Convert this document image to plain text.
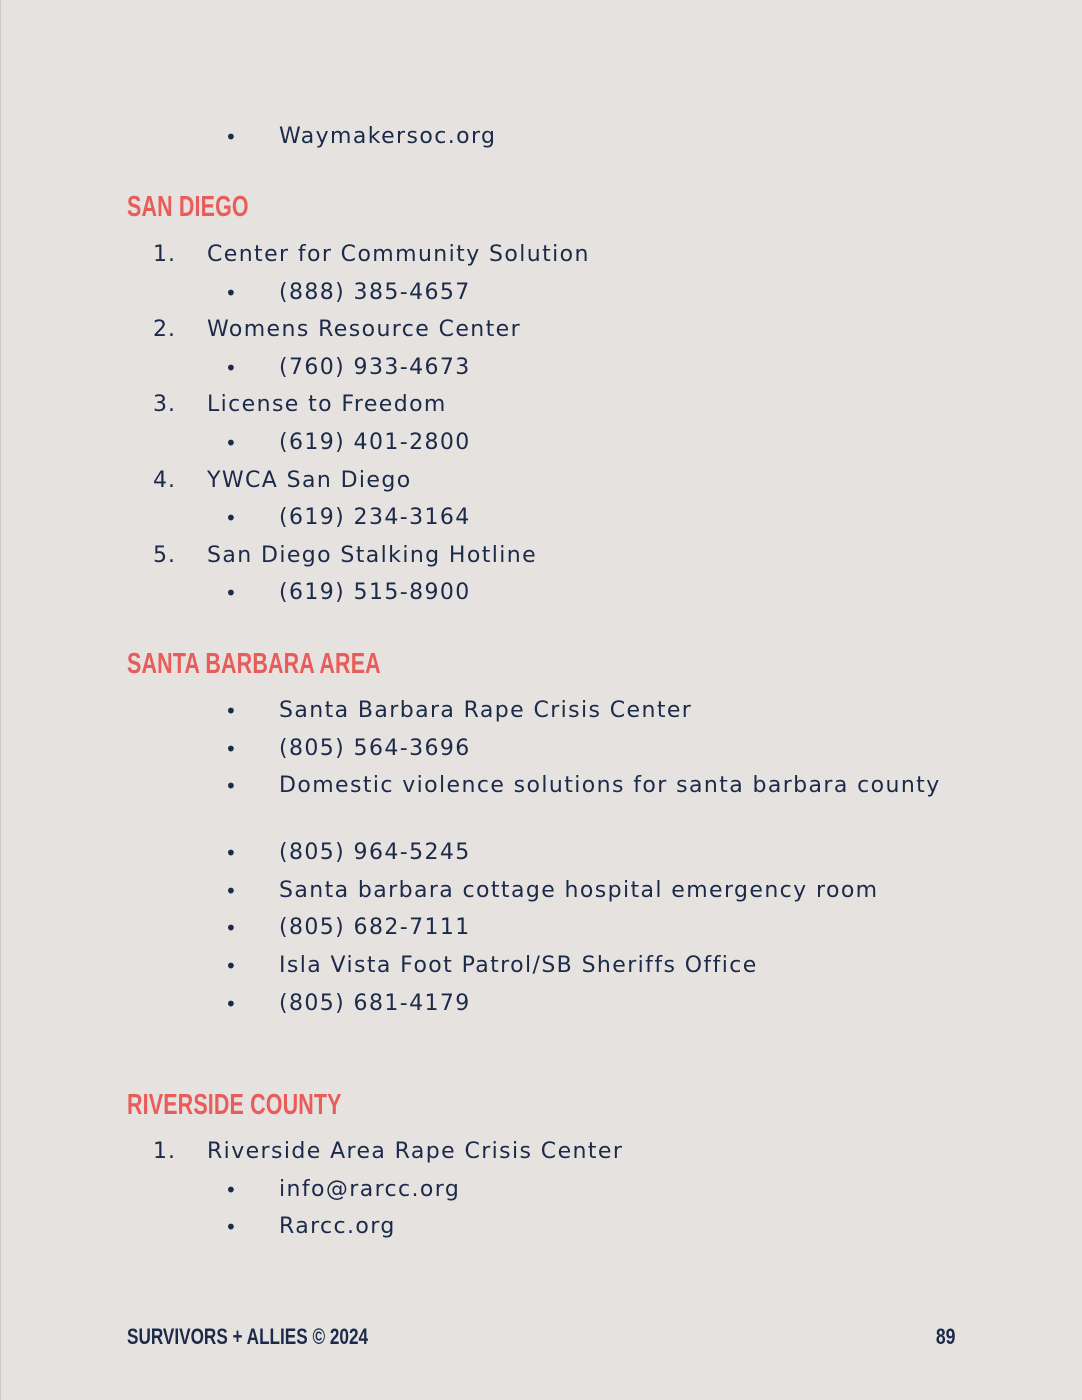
• Waymakersoc.org
SAN DIEGO
1. Center for Community Solution
• (888) 385-4657
2. Womens Resource Center
• (760) 933-4673
3. License to Freedom
• (619) 401-2800
4. YWCA San Diego
• (619) 234-3164
5. San Diego Stalking Hotline
• (619) 515-8900
SANTA BARBARA AREA
• Santa Barbara Rape Crisis Center
• (805) 564-3696
• Domestic violence solutions for santa barbara county
• (805) 964-5245
• Santa barbara cottage hospital emergency room
• (805) 682-7111
• Isla Vista Foot Patrol/SB Sheriffs Office
• (805) 681-4179
RIVERSIDE COUNTY
1. Riverside Area Rape Crisis Center
• info@rarcc.org
• Rarcc.org
SURVIVORS + ALLIES © 2024	89
